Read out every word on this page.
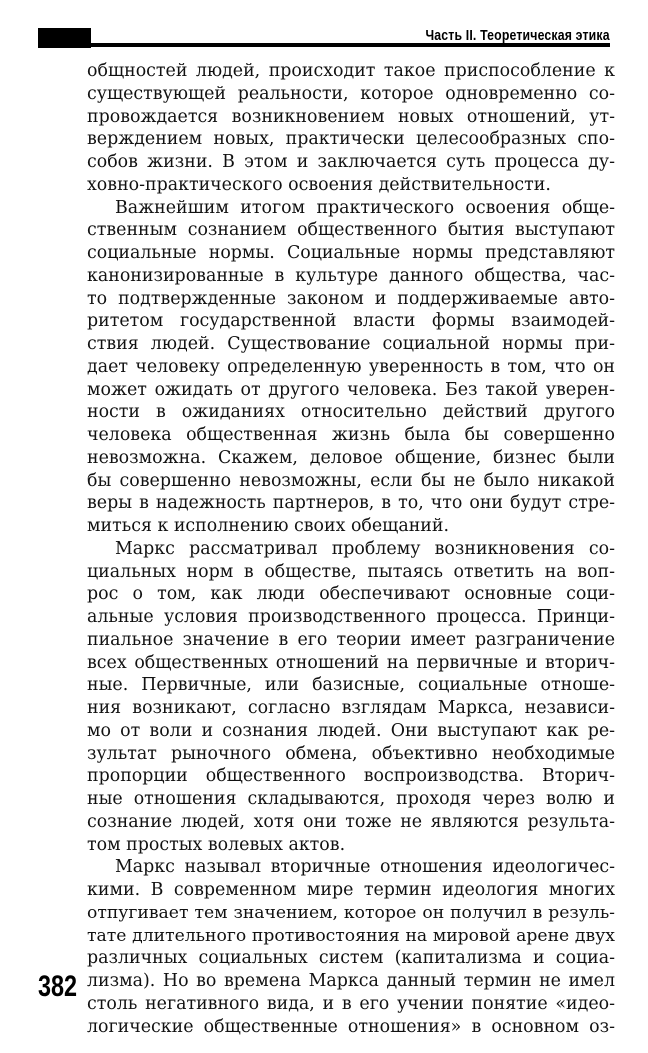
Часть II. Теоретическая этика
общностей людей, происходит такое приспособление к
существующей реальности, которое одновременно со-
провождается возникновением новых отношений, ут-
верждением новых, практически целесообразных спо-
собов жизни. В этом и заключается суть процесса ду-
ховно-практического освоения действительности.
Важнейшим итогом практического освоения обще-
ственным сознанием общественного бытия выступают
социальные нормы. Социальные нормы представляют
канонизированные в культуре данного общества, час-
то подтвержденные законом и поддерживаемые авто-
ритетом государственной власти формы взаимодей-
ствия людей. Существование социальной нормы при-
дает человеку определенную уверенность в том, что он
может ожидать от другого человека. Без такой уверен-
ности в ожиданиях относительно действий другого
человека общественная жизнь была бы совершенно
невозможна. Скажем, деловое общение, бизнес были
бы совершенно невозможны, если бы не было никакой
веры в надежность партнеров, в то, что они будут стре-
миться к исполнению своих обещаний.
Маркс рассматривал проблему возникновения со-
циальных норм в обществе, пытаясь ответить на воп-
рос о том, как люди обеспечивают основные соци-
альные условия производственного процесса. Принци-
пиальное значение в его теории имеет разграничение
всех общественных отношений на первичные и вторич-
ные. Первичные, или базисные, социальные отноше-
ния возникают, согласно взглядам Маркса, независи-
мо от воли и сознания людей. Они выступают как ре-
зультат рыночного обмена, объективно необходимые
пропорции общественного воспроизводства. Вторич-
ные отношения складываются, проходя через волю и
сознание людей, хотя они тоже не являются результа-
том простых волевых актов.
Маркс называл вторичные отношения идеологичес-
кими. В современном мире термин идеология многих
отпугивает тем значением, которое он получил в резуль-
тате длительного противостояния на мировой арене двух
различных социальных систем (капитализма и социа-
лизма). Но во времена Маркса данный термин не имел
столь негативного вида, и в его учении понятие «идео-
логические общественные отношения» в основном оз-
382
